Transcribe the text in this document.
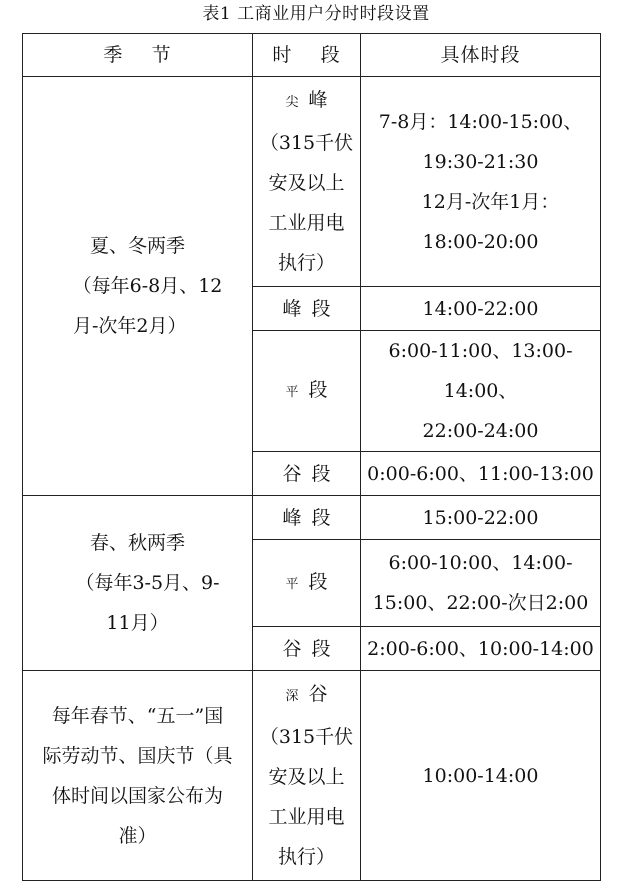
表1 工商业用户分时时段设置
季    节	时    段	具体时段

夏、冬两季
（每年6-8月、12
月-次年2月）	尖 峰
（315千伏
安及以上
工业用电
执行）	7-8月：14:00-15:00、
19:30-21:30
12月-次年1月：
18:00-20:00

	峰 段	14:00-22:00

	平 段	6:00-11:00、13:00-14:00、
22:00-24:00

	谷 段	0:00-6:00、11:00-13:00

春、秋两季
（每年3-5月、9-
11月）	峰 段	15:00-22:00

	平 段	6:00-10:00、14:00-
15:00、22:00-次日2:00

	谷 段	2:00-6:00、10:00-14:00

每年春节、“五一”国
际劳动节、国庆节（具
体时间以国家公布为
准）	深 谷
（315千伏
安及以上
工业用电
执行）	10:00-14:00
